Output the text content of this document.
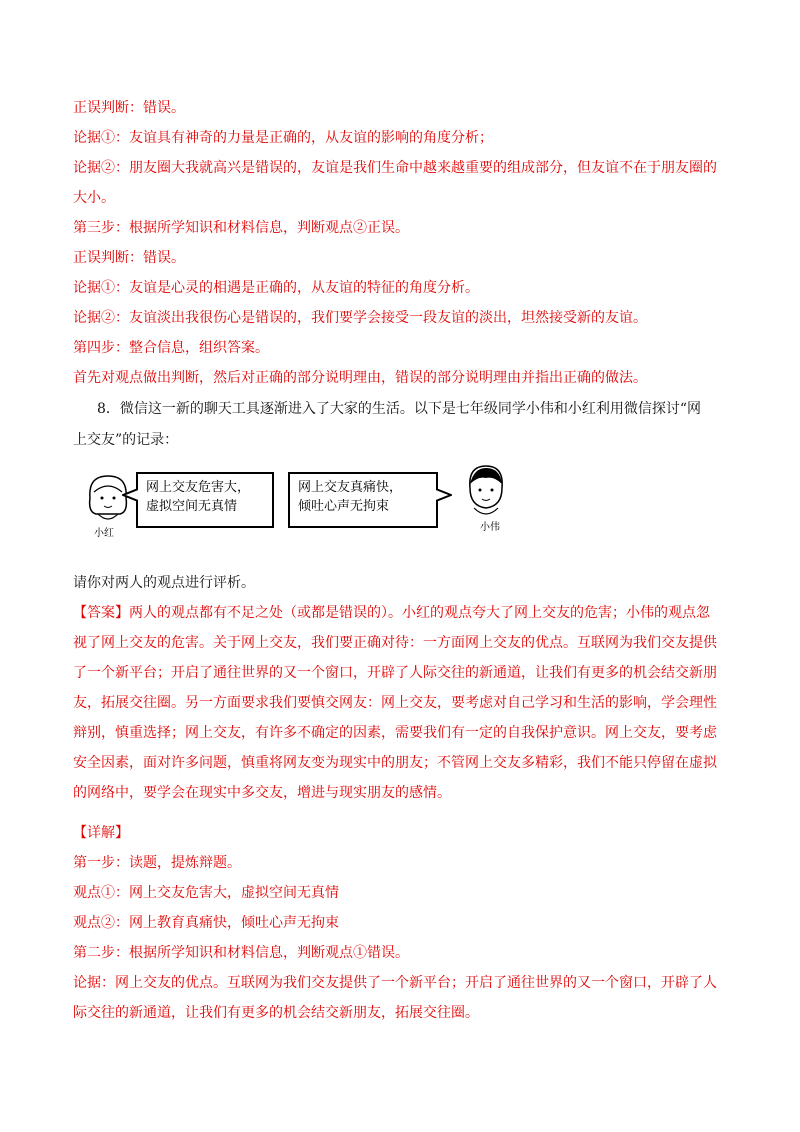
正误判断：错误。
论据①：友谊具有神奇的力量是正确的，从友谊的影响的角度分析；
论据②：朋友圈大我就高兴是错误的，友谊是我们生命中越来越重要的组成部分，但友谊不在于朋友圈的
大小。
第三步：根据所学知识和材料信息，判断观点②正误。
正误判断：错误。
论据①：友谊是心灵的相遇是正确的，从友谊的特征的角度分析。
论据②：友谊淡出我很伤心是错误的，我们要学会接受一段友谊的淡出，坦然接受新的友谊。
第四步：整合信息，组织答案。
首先对观点做出判断，然后对正确的部分说明理由，错误的部分说明理由并指出正确的做法。
8．微信这一新的聊天工具逐渐进入了大家的生活。以下是七年级同学小伟和小红利用微信探讨“网
上交友”的记录：
小红
网上交友危害大，
虚拟空间无真情
网上交友真痛快，
倾吐心声无拘束
小伟
请你对两人的观点进行评析。
【答案】两人的观点都有不足之处（或都是错误的）。小红的观点夸大了网上交友的危害；小伟的观点忽
视了网上交友的危害。关于网上交友，我们要正确对待：一方面网上交友的优点。互联网为我们交友提供
了一个新平台；开启了通往世界的又一个窗口，开辟了人际交往的新通道，让我们有更多的机会结交新朋
友，拓展交往圈。另一方面要求我们要慎交网友：网上交友，要考虑对自己学习和生活的影响，学会理性
辩别，慎重选择；网上交友，有许多不确定的因素，需要我们有一定的自我保护意识。网上交友，要考虑
安全因素，面对许多问题，慎重将网友变为现实中的朋友；不管网上交友多精彩，我们不能只停留在虚拟
的网络中，要学会在现实中多交友，增进与现实朋友的感情。
【详解】
第一步：读题，提炼辩题。
观点①：网上交友危害大，虚拟空间无真情
观点②：网上教育真痛快，倾吐心声无拘束
第二步：根据所学知识和材料信息，判断观点①错误。
论据：网上交友的优点。互联网为我们交友提供了一个新平台；开启了通往世界的又一个窗口，开辟了人
际交往的新通道，让我们有更多的机会结交新朋友，拓展交往圈。
